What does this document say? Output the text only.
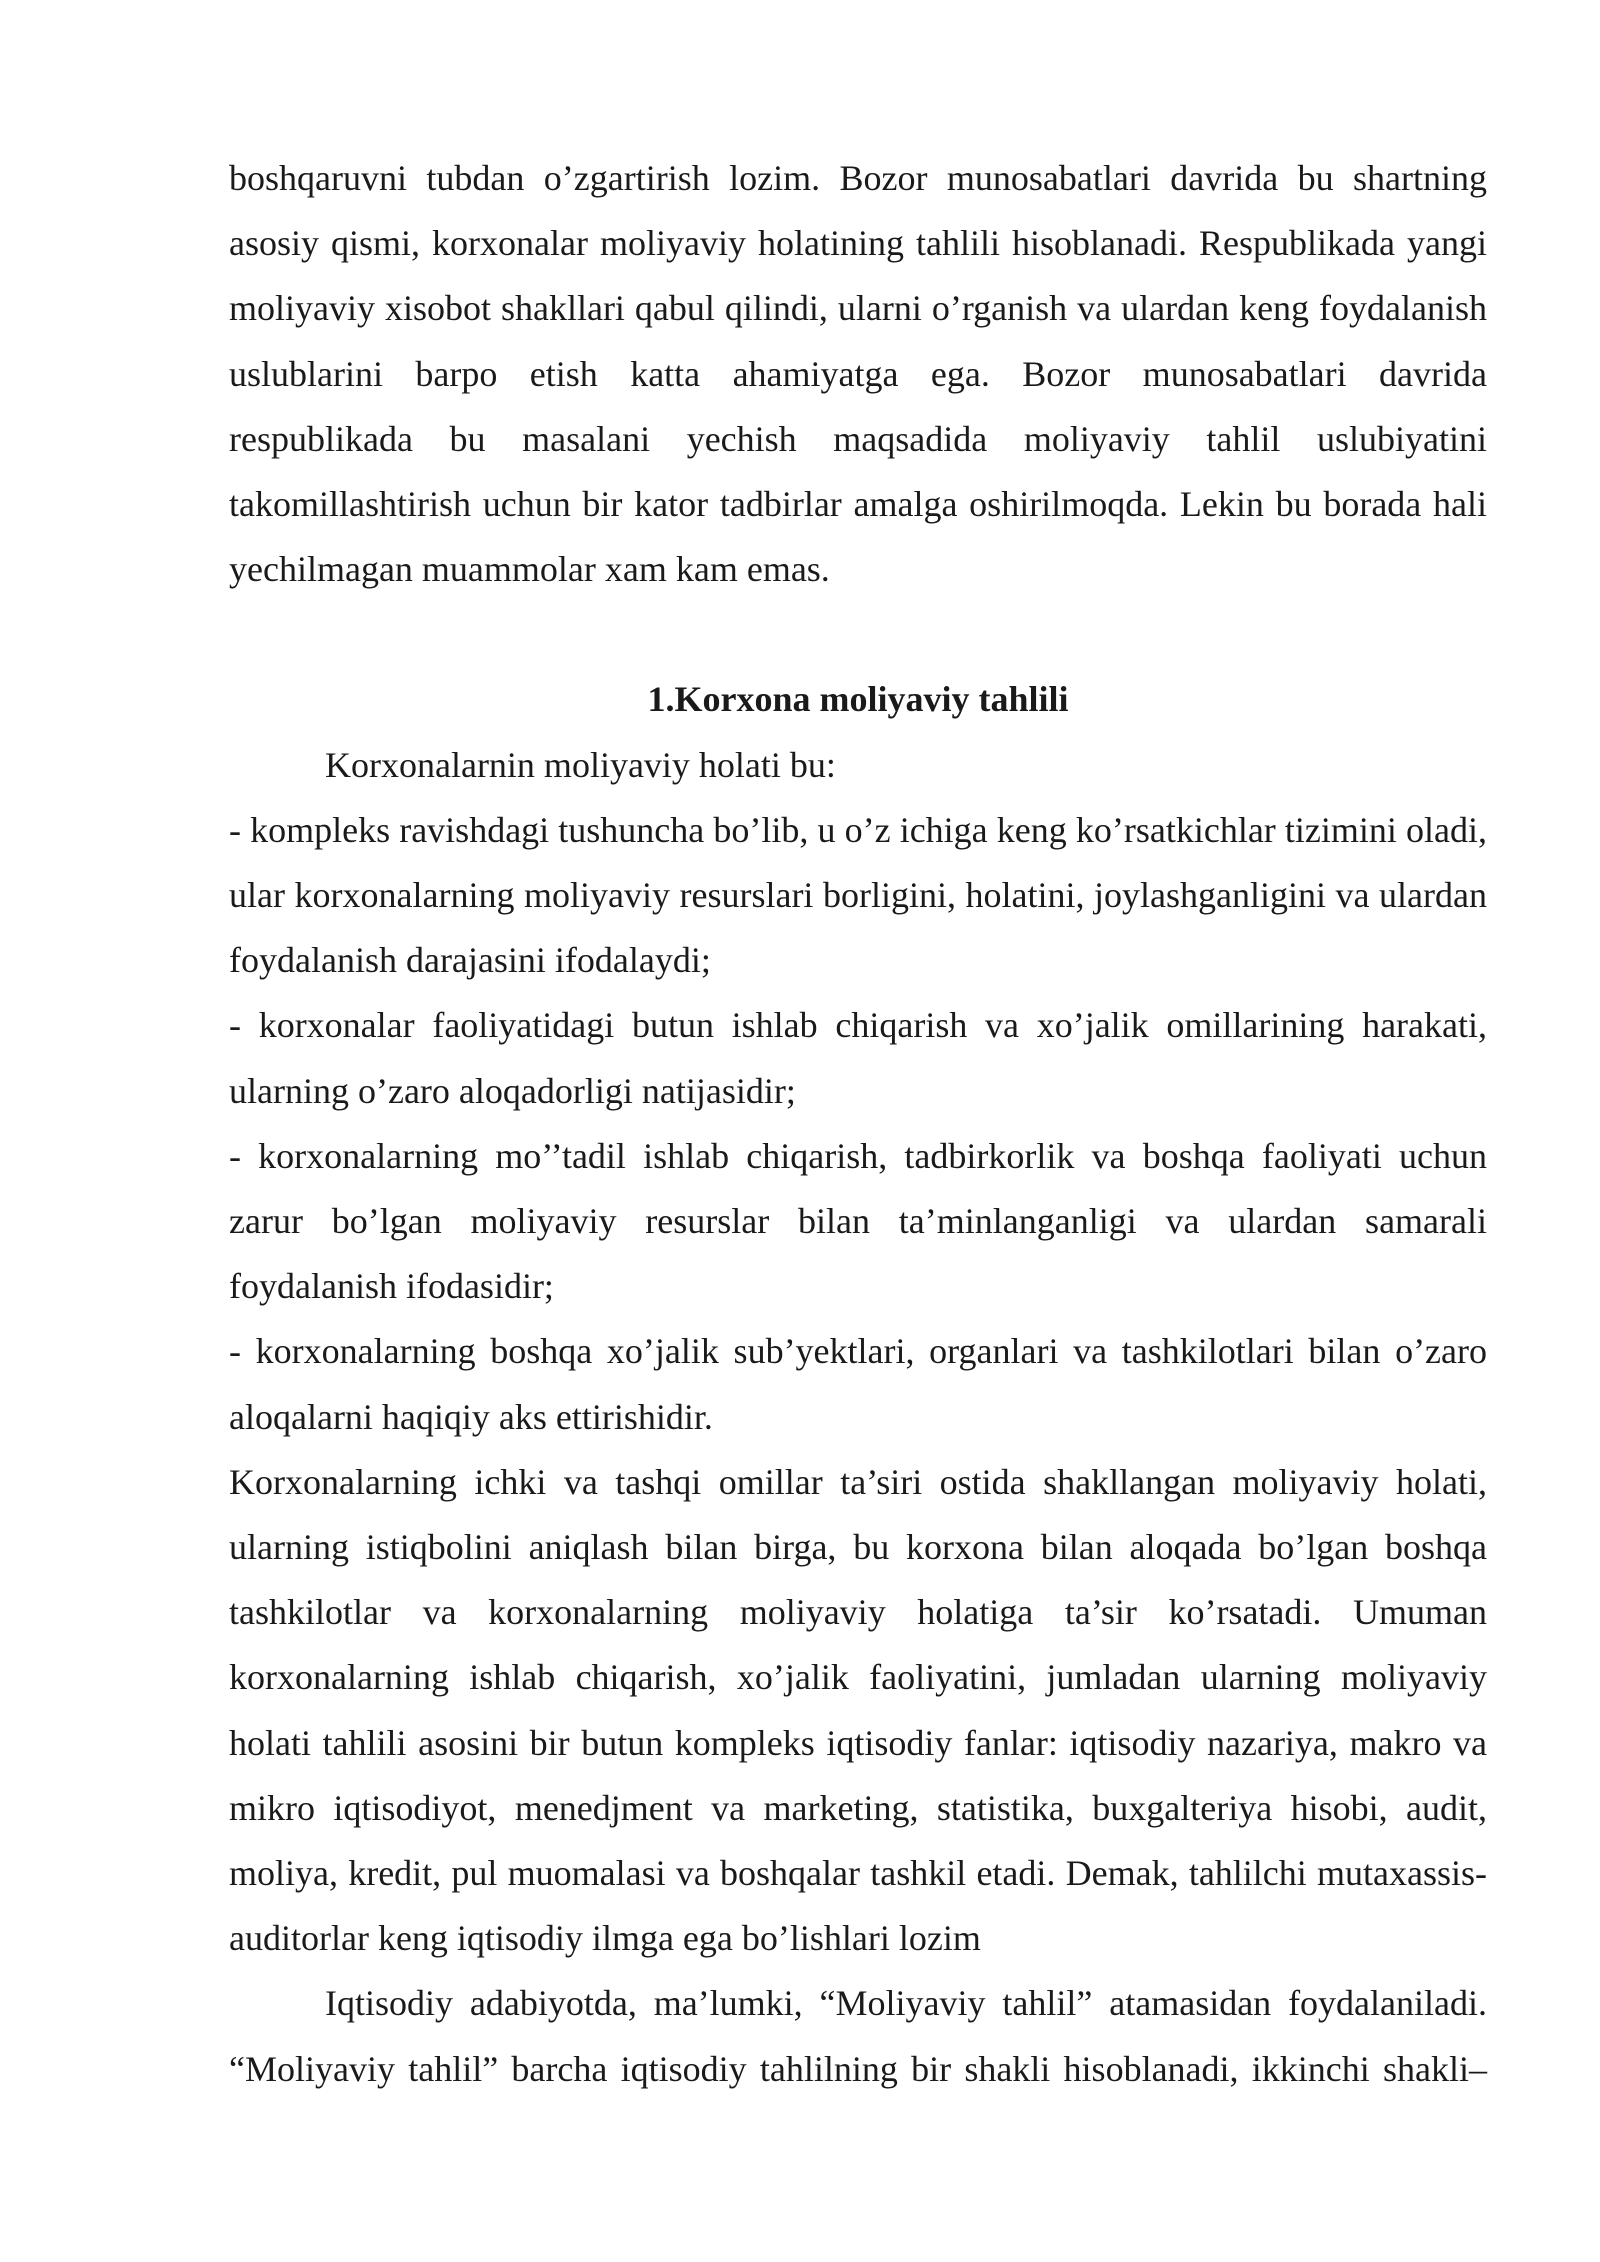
boshqaruvni tubdan o’zgartirish lozim. Bozor munosabatlari davrida bu shartning asosiy qismi, korxonalar moliyaviy holatining tahlili hisoblanadi. Respublikada yangi moliyaviy xisobot shakllari qabul qilindi, ularni o’rganish va ulardan keng foydalanish uslublarini barpo etish katta ahamiyatga ega. Bozor munosabatlari davrida respublikada bu masalani yechish maqsadida moliyaviy tahlil uslubiyatini takomillashtirish uchun bir kator tadbirlar amalga oshirilmoqda. Lekin bu borada hali yechilmagan muammolar xam kam emas.

1.Korxona moliyaviy tahlili

Korxonalarnin moliyaviy holati bu:

- kompleks ravishdagi tushuncha bo’lib, u o’z ichiga keng ko’rsatkichlar tizimini oladi, ular korxonalarning moliyaviy resurslari borligini, holatini, joylashganligini va ulardan foydalanish darajasini ifodalaydi;

- korxonalar faoliyatidagi butun ishlab chiqarish va xo’jalik omillarining harakati, ularning o’zaro aloqadorligi natijasidir;

- korxonalarning mo’’tadil ishlab chiqarish, tadbirkorlik va boshqa faoliyati uchun zarur bo’lgan moliyaviy resurslar bilan ta’minlanganligi va ulardan samarali foydalanish ifodasidir;

- korxonalarning boshqa xo’jalik sub’yektlari, organlari va tashkilotlari bilan o’zaro aloqalarni haqiqiy aks ettirishidir.

Korxonalarning ichki va tashqi omillar ta’siri ostida shakllangan moliyaviy holati, ularning istiqbolini aniqlash bilan birga, bu korxona bilan aloqada bo’lgan boshqa tashkilotlar va korxonalarning moliyaviy holatiga ta’sir ko’rsatadi. Umuman korxonalarning ishlab chiqarish, xo’jalik faoliyatini, jumladan ularning moliyaviy holati tahlili asosini bir butun kompleks iqtisodiy fanlar: iqtisodiy nazariya, makro va mikro iqtisodiyot, menedjment va marketing, statistika, buxgalteriya hisobi, audit, moliya, kredit, pul muomalasi va boshqalar tashkil etadi. Demak, tahlilchi mutaxassis-auditorlar keng iqtisodiy ilmga ega bo’lishlari lozim

Iqtisodiy adabiyotda, ma’lumki, “Moliyaviy tahlil” atamasidan foydalaniladi. “Moliyaviy tahlil” barcha iqtisodiy tahlilning bir shakli hisoblanadi, ikkinchi shakli–
